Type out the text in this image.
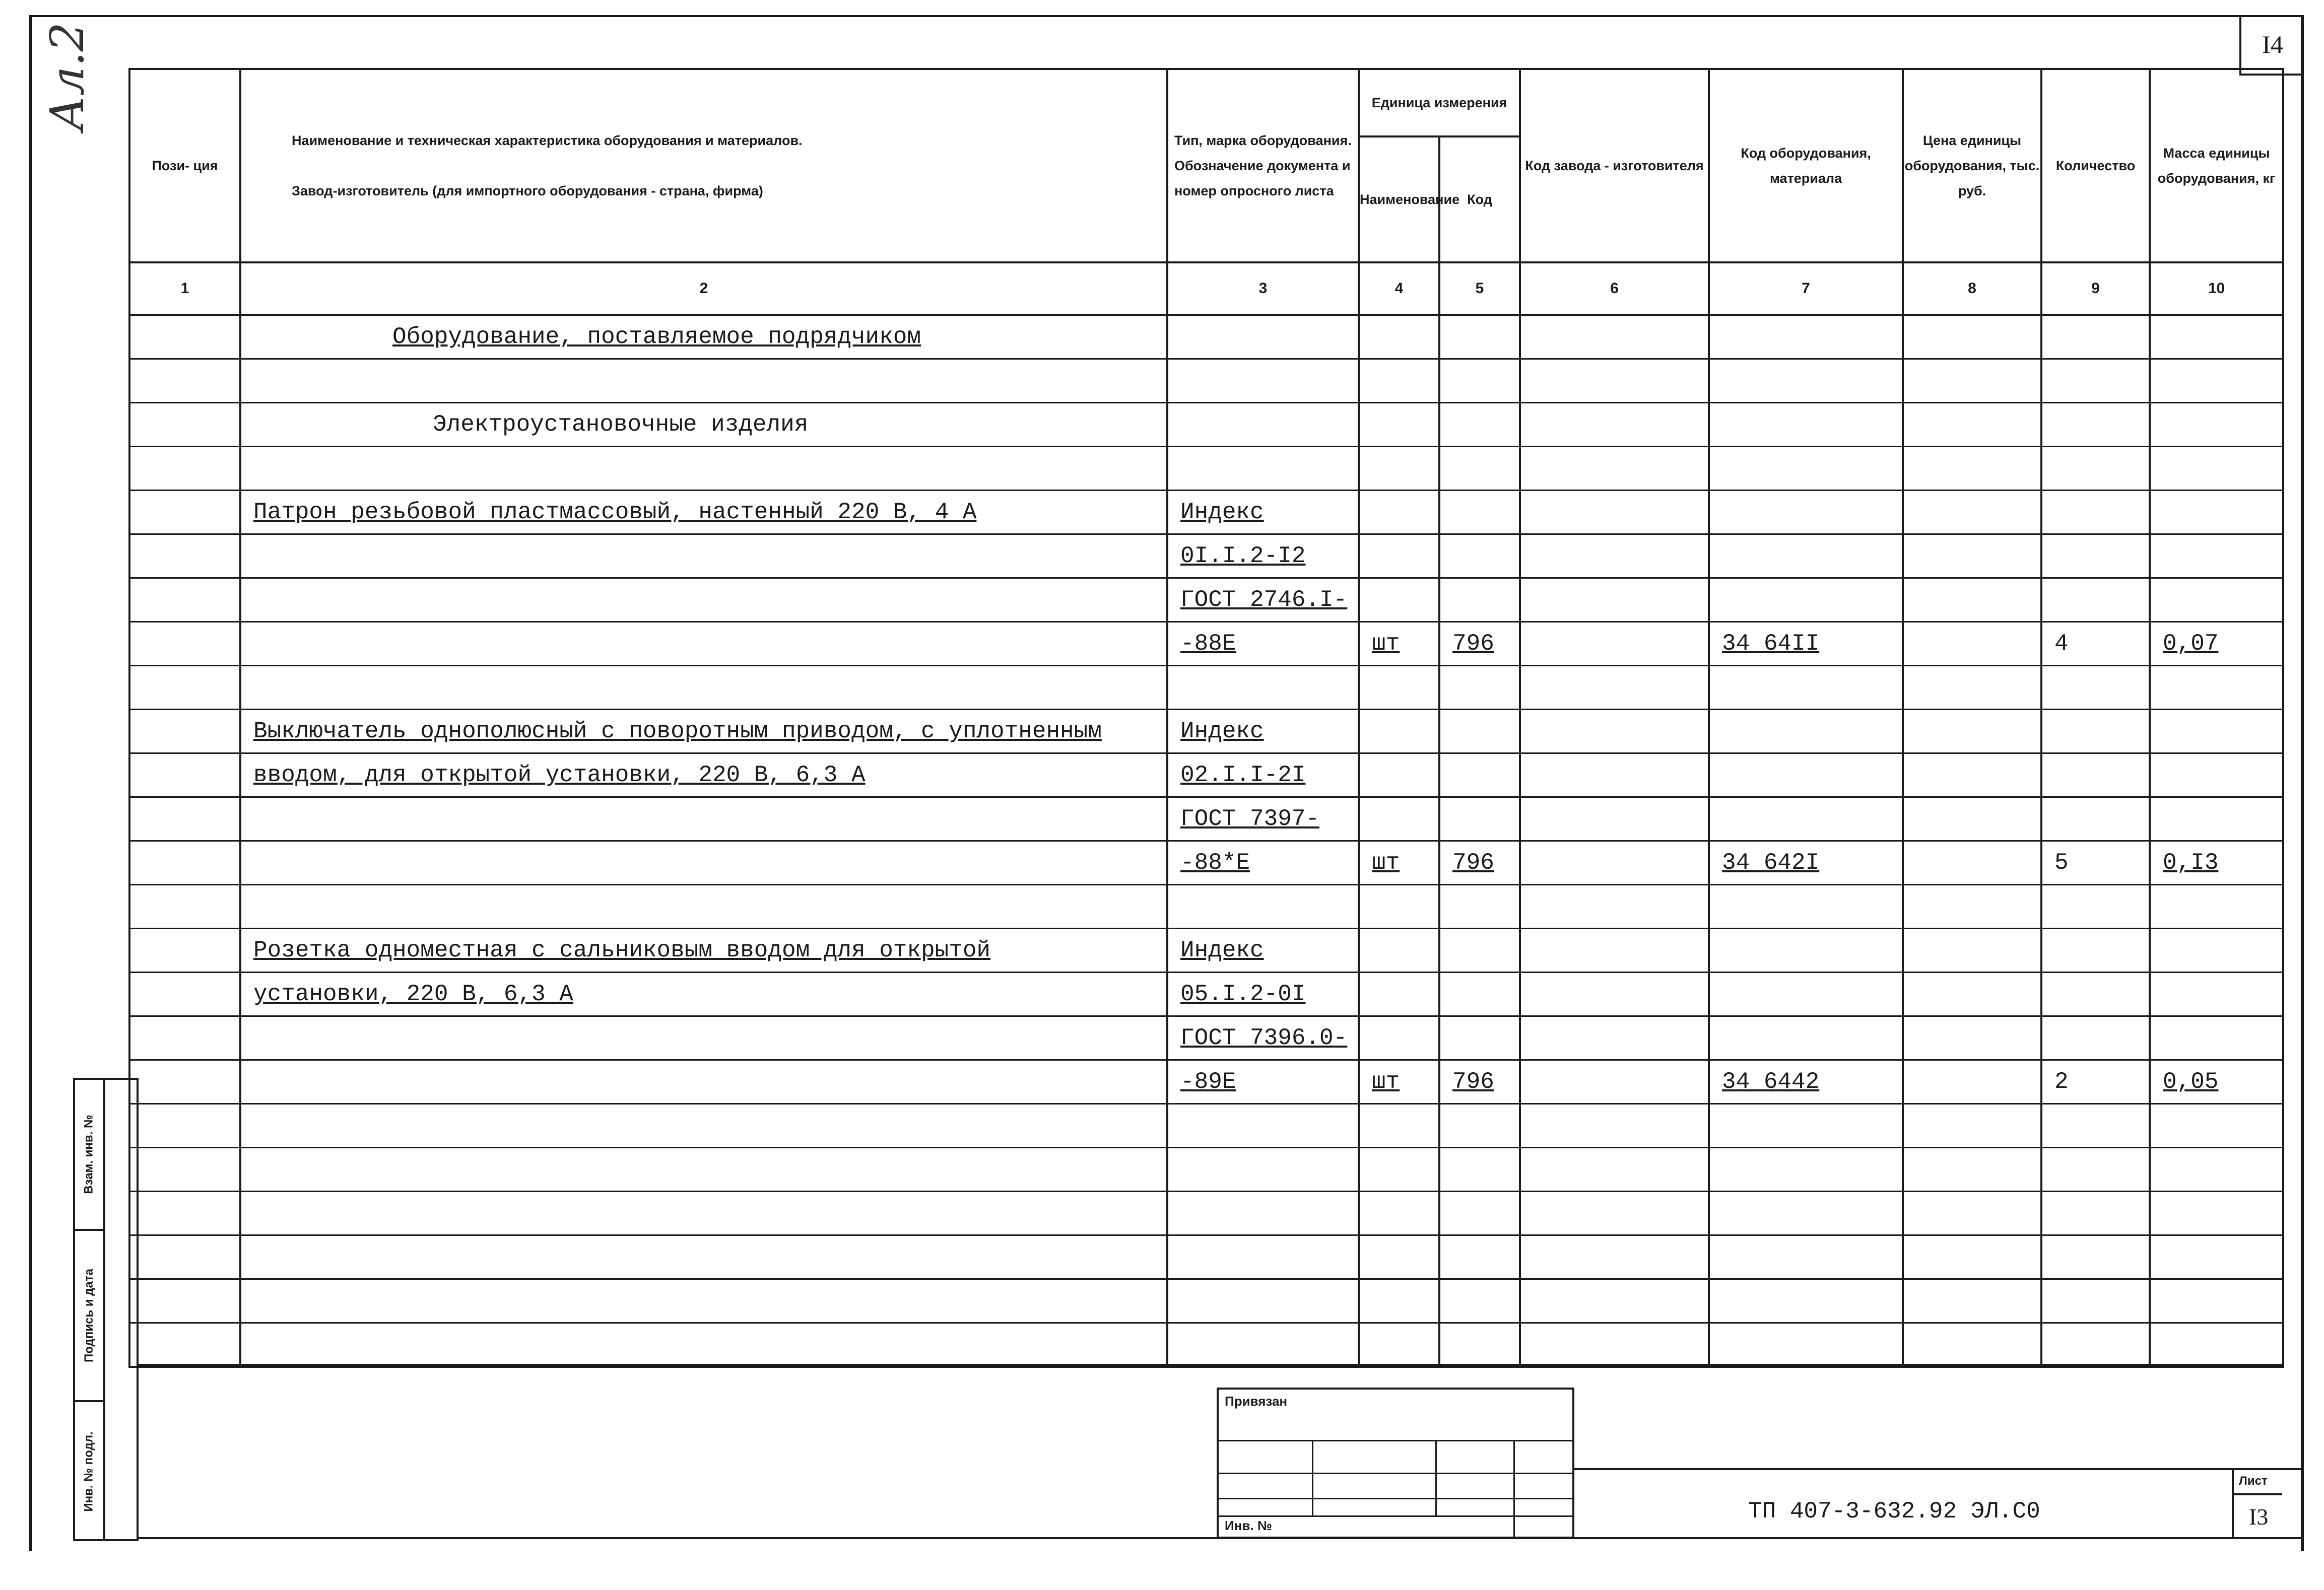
I4
Ал.2
Пози- ция	Наименование и техническая характеристика оборудования и материалов.
Завод-изготовитель (для импортного оборудования - страна, фирма)	Тип, марка оборудования. Обозначение документа и номер опросного листа	Единица измерения		Код завода - изготовителя	Код оборудования, материала	Цена единицы оборудования, тыс. руб.	Количество	Масса единицы оборудования, кг
			Наименование	Код					
1	2	3	4	5	6	7	8	9	10
	Оборудование, поставляемое подрядчиком								

	Электроустановочные изделия								

	Патрон резьбовой пластмассовый, настенный 220 В, 4 А	Индекс							
		0I.I.2-I2							
		ГОСТ 2746.I-							
		-88Е	шт	796		34 64II		4	0,07

	Выключатель однополюсный с поворотным приводом, с уплотненным	Индекс							
	вводом, для открытой установки, 220 В, 6,3 А	02.I.I-2I							
		ГОСТ 7397-							
		-88*Е	шт	796		34 642I		5	0,I3

	Розетка одноместная с сальниковым вводом для открытой	Индекс							
	установки, 220 В, 6,3 А	05.I.2-0I							
		ГОСТ 7396.0-							
		-89Е	шт	796		34 6442		2	0,05

Взам. инв. №
Подпись и дата
Инв. № подл.
Привязан
Инв. №
ТП 407-3-632.92 ЭЛ.С0
Лист
I3
